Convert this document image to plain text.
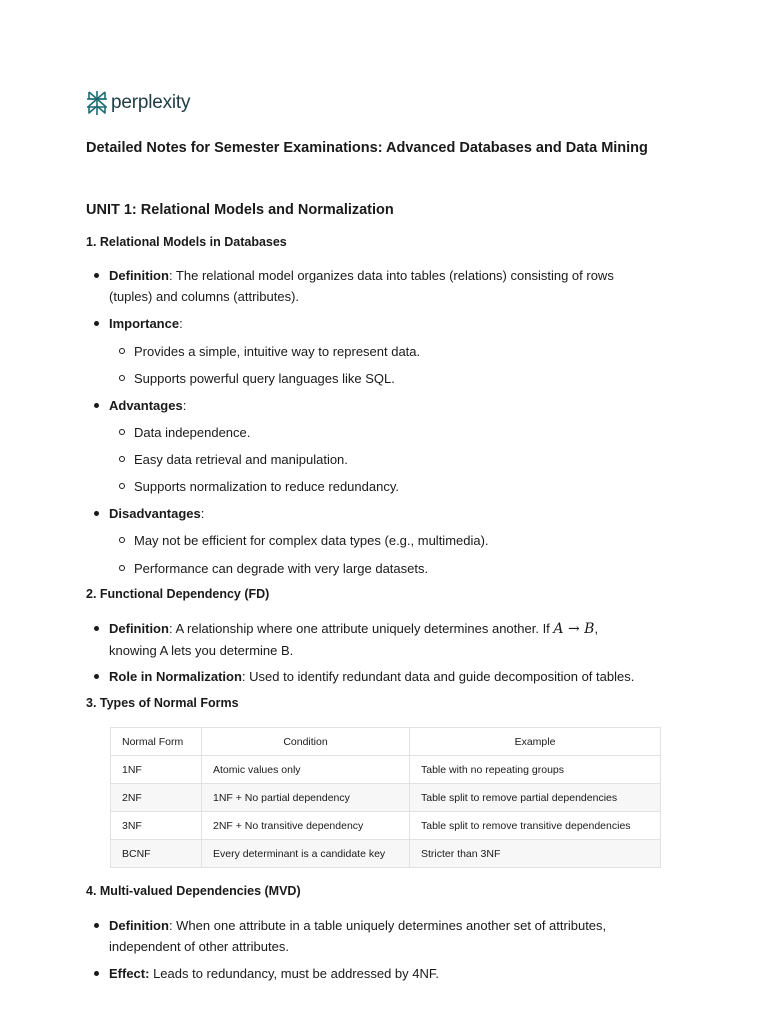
perplexity
Detailed Notes for Semester Examinations: Advanced Databases and Data Mining
UNIT 1: Relational Models and Normalization
1. Relational Models in Databases
Definition: The relational model organizes data into tables (relations) consisting of rows
(tuples) and columns (attributes).
Importance:
Provides a simple, intuitive way to represent data.
Supports powerful query languages like SQL.
Advantages:
Data independence.
Easy data retrieval and manipulation.
Supports normalization to reduce redundancy.
Disadvantages:
May not be efficient for complex data types (e.g., multimedia).
Performance can degrade with very large datasets.
2. Functional Dependency (FD)
Definition: A relationship where one attribute uniquely determines another. If A → B,
knowing A lets you determine B.
Role in Normalization: Used to identify redundant data and guide decomposition of tables.
3. Types of Normal Forms
Normal Form	Condition	Example
1NF	Atomic values only	Table with no repeating groups
2NF	1NF + No partial dependency	Table split to remove partial dependencies
3NF	2NF + No transitive dependency	Table split to remove transitive dependencies
BCNF	Every determinant is a candidate key	Stricter than 3NF
4. Multi-valued Dependencies (MVD)
Definition: When one attribute in a table uniquely determines another set of attributes,
independent of other attributes.
Effect: Leads to redundancy, must be addressed by 4NF.
